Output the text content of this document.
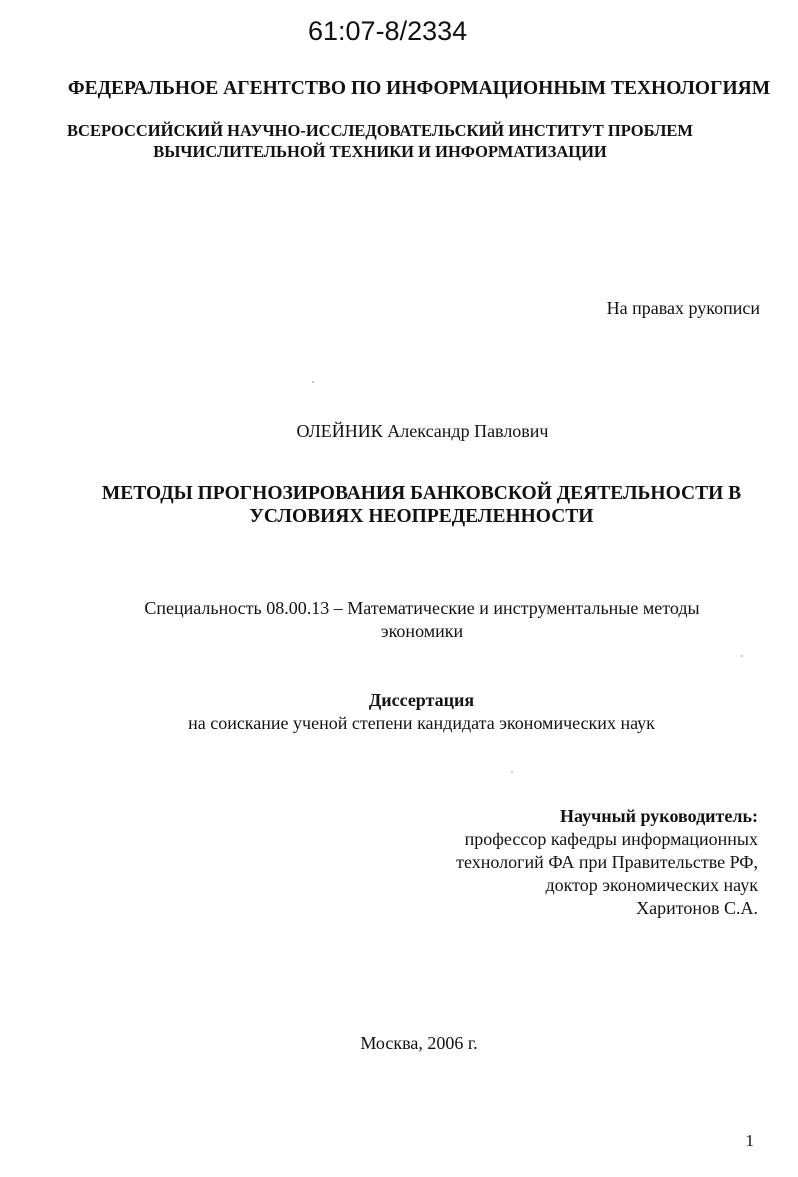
61:07-8/2334
ФЕДЕРАЛЬНОЕ АГЕНТСТВО ПО ИНФОРМАЦИОННЫМ ТЕХНОЛОГИЯМ
ВСЕРОССИЙСКИЙ НАУЧНО-ИССЛЕДОВАТЕЛЬСКИЙ ИНСТИТУТ ПРОБЛЕМ
ВЫЧИСЛИТЕЛЬНОЙ ТЕХНИКИ И ИНФОРМАТИЗАЦИИ
На правах рукописи
ОЛЕЙНИК Александр Павлович
МЕТОДЫ ПРОГНОЗИРОВАНИЯ БАНКОВСКОЙ ДЕЯТЕЛЬНОСТИ В
УСЛОВИЯХ НЕОПРЕДЕЛЕННОСТИ
Специальность 08.00.13 – Математические и инструментальные методы
экономики
Диссертация
на соискание ученой степени кандидата экономических наук
Научный руководитель:
профессор кафедры информационных
технологий ФА при Правительстве РФ,
доктор экономических наук
Харитонов С.А.
Москва, 2006 г.
1
